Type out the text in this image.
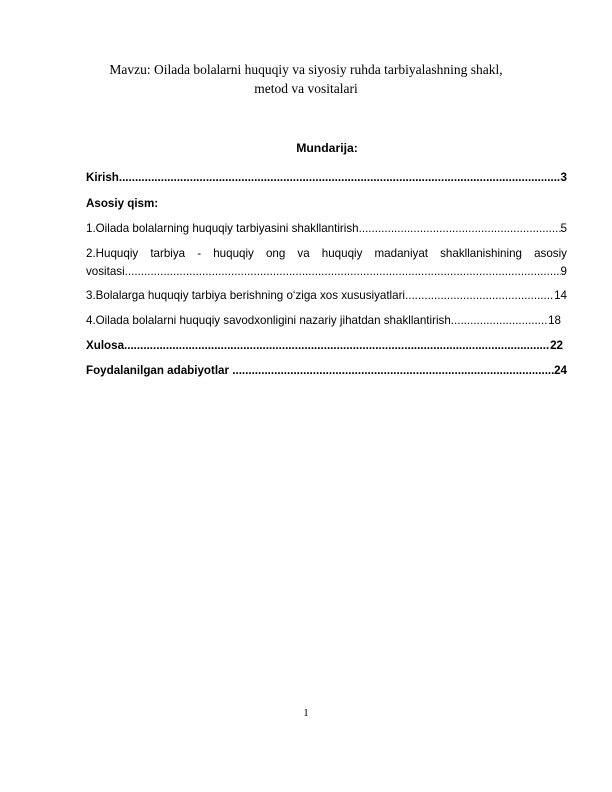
Mavzu: Oilada bolalarni huquqiy va siyosiy ruhda tarbiyalashning shakl,
metod va vositalari
Mundarija:
Kirish .....	3
Asosiy qism:
1.Oilada bolalarning huquqiy tarbiyasini shakllantirish .....	5
2.Huquqiy tarbiya - huquqiy ong va huquqiy madaniyat shakllanishining asosiy
vositasi .....	9
3.Bolalarga huquqiy tarbiya berishning o‘ziga xos xususiyatlari .....	14
4.Oilada bolalarni huquqiy savodxonligini nazariy jihatdan shakllantirish .....	18
Xulosa .....	22
Foydalanilgan adabiyotlar .....	24
1
